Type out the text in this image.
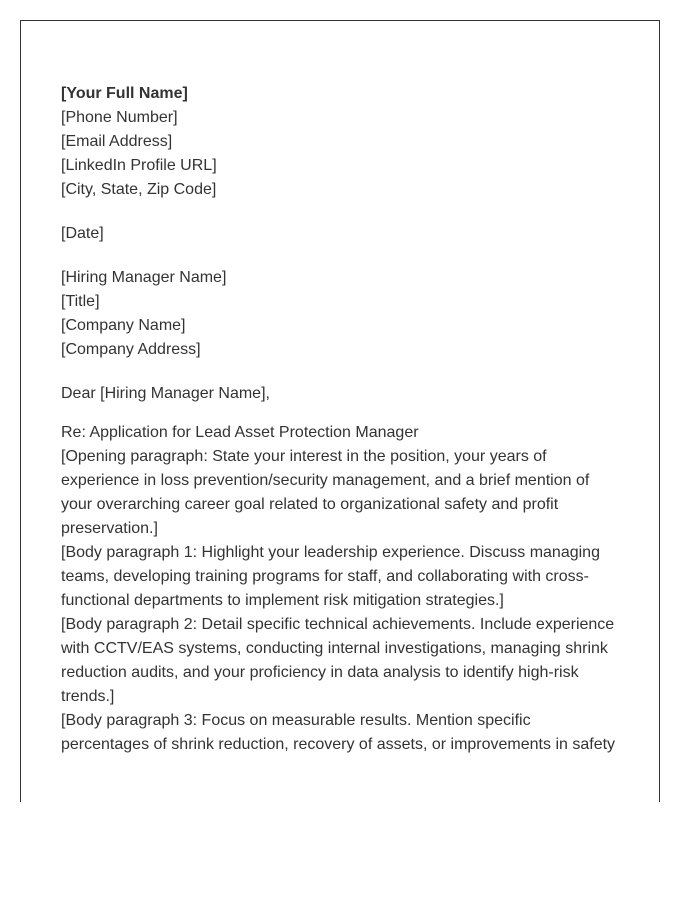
[Your Full Name]
[Phone Number]
[Email Address]
[LinkedIn Profile URL]
[City, State, Zip Code]
[Date]
[Hiring Manager Name]
[Title]
[Company Name]
[Company Address]
Dear [Hiring Manager Name],
Re: Application for Lead Asset Protection Manager

[Opening paragraph: State your interest in the position, your years of experience in loss prevention/security management, and a brief mention of your overarching career goal related to organizational safety and profit preservation.]

[Body paragraph 1: Highlight your leadership experience. Discuss managing teams, developing training programs for staff, and collaborating with cross-functional departments to implement risk mitigation strategies.]

[Body paragraph 2: Detail specific technical achievements. Include experience with CCTV/EAS systems, conducting internal investigations, managing shrink reduction audits, and your proficiency in data analysis to identify high-risk trends.]

[Body paragraph 3: Focus on measurable results. Mention specific percentages of shrink reduction, recovery of assets, or improvements in safety
